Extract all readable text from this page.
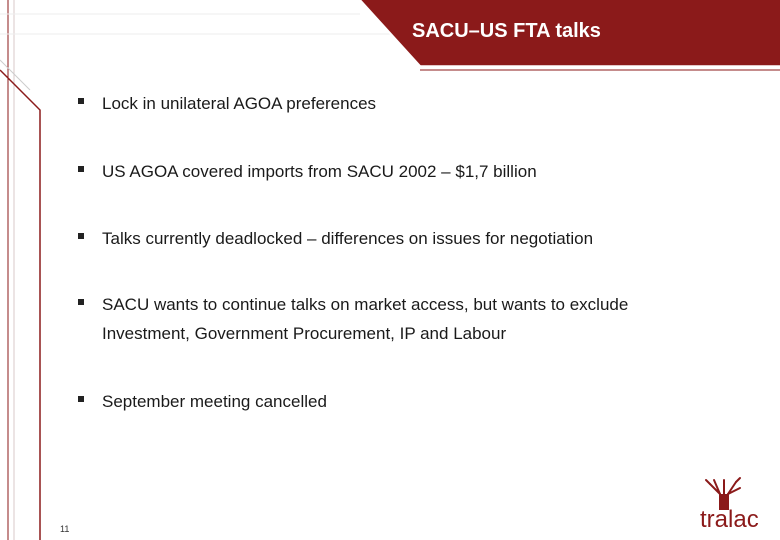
SACU–US FTA talks
Lock in unilateral AGOA preferences
US AGOA covered imports from SACU 2002 – $1,7 billion
Talks currently deadlocked – differences on issues for negotiation
SACU wants to continue talks on market access, but wants to exclude Investment, Government Procurement, IP and Labour
September meeting cancelled
11	tralac
